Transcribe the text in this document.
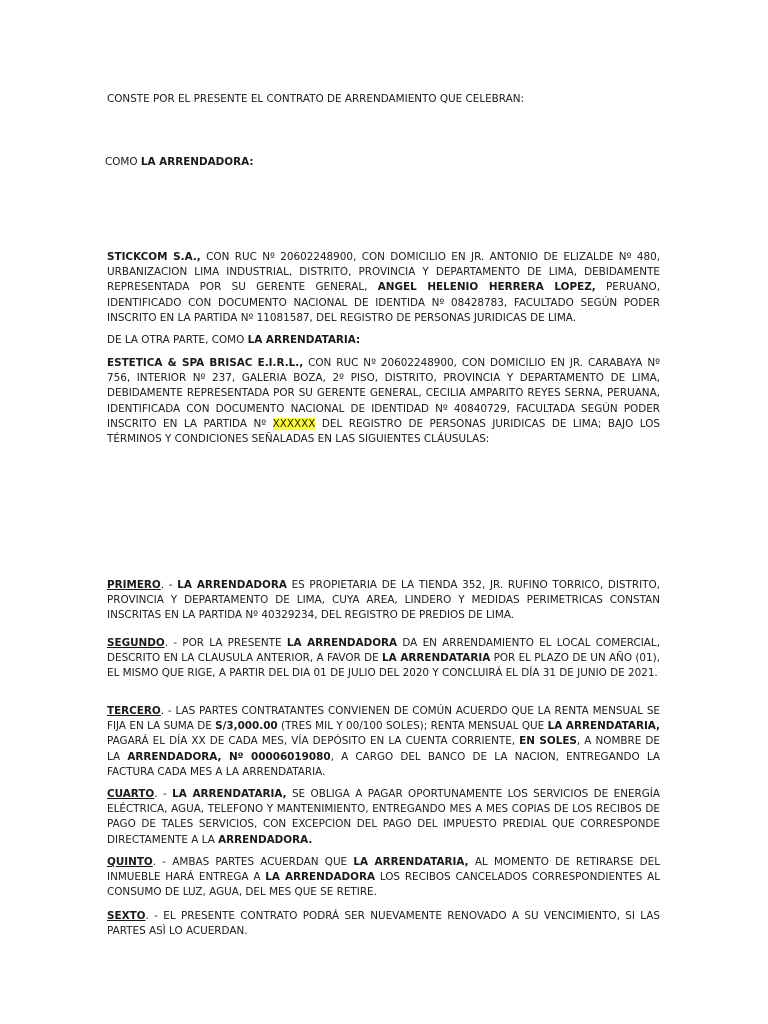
CONSTE POR EL PRESENTE EL CONTRATO DE ARRENDAMIENTO QUE CELEBRAN:

COMO LA ARRENDADORA:

STICKCOM S.A., CON RUC Nº 20602248900, CON DOMICILIO EN JR. ANTONIO DE ELIZALDE Nº 480, URBANIZACION LIMA INDUSTRIAL, DISTRITO, PROVINCIA Y DEPARTAMENTO DE LIMA, DEBIDAMENTE REPRESENTADA POR SU GERENTE GENERAL, ANGEL HELENIO HERRERA LOPEZ, PERUANO, IDENTIFICADO CON DOCUMENTO NACIONAL DE IDENTIDA Nº 08428783, FACULTADO SEGÚN PODER INSCRITO EN LA PARTIDA Nº 11081587, DEL REGISTRO DE PERSONAS JURIDICAS DE LIMA.

DE LA OTRA PARTE, COMO LA ARRENDATARIA:

ESTETICA & SPA BRISAC E.I.R.L., CON RUC Nº 20602248900, CON DOMICILIO EN JR. CARABAYA Nº 756, INTERIOR Nº 237, GALERIA BOZA, 2º PISO, DISTRITO, PROVINCIA Y DEPARTAMENTO DE LIMA, DEBIDAMENTE REPRESENTADA POR SU GERENTE GENERAL, CECILIA AMPARITO REYES SERNA, PERUANA, IDENTIFICADA CON DOCUMENTO NACIONAL DE IDENTIDAD Nº 40840729, FACULTADA SEGÚN PODER INSCRITO EN LA PARTIDA Nº XXXXXX DEL REGISTRO DE PERSONAS JURIDICAS DE LIMA; BAJO LOS TÉRMINOS Y CONDICIONES SEÑALADAS EN LAS SIGUIENTES CLÁUSULAS:

PRIMERO. - LA ARRENDADORA ES PROPIETARIA DE LA TIENDA 352, JR. RUFINO TORRICO, DISTRITO, PROVINCIA Y DEPARTAMENTO DE LIMA, CUYA AREA, LINDERO Y MEDIDAS PERIMETRICAS CONSTAN INSCRITAS EN LA PARTIDA Nº 40329234, DEL REGISTRO DE PREDIOS DE LIMA.

SEGUNDO. - POR LA PRESENTE LA ARRENDADORA DA EN ARRENDAMIENTO EL LOCAL COMERCIAL, DESCRITO EN LA CLAUSULA ANTERIOR, A FAVOR DE LA ARRENDATARIA POR EL PLAZO DE UN AÑO (01), EL MISMO QUE RIGE, A PARTIR DEL DIA 01 DE JULIO DEL 2020 Y CONCLUIRÁ EL DÍA 31 DE JUNIO DE 2021.

TERCERO. - LAS PARTES CONTRATANTES CONVIENEN DE COMÚN ACUERDO QUE LA RENTA MENSUAL SE FIJA EN LA SUMA DE S/3,000.00 (TRES MIL Y 00/100 SOLES); RENTA MENSUAL QUE LA ARRENDATARIA, PAGARÁ EL DÍA XX DE CADA MES, VÍA DEPÓSITO EN LA CUENTA CORRIENTE, EN SOLES, A NOMBRE DE LA ARRENDADORA, Nº 00006019080, A CARGO DEL BANCO DE LA NACION, ENTREGANDO LA FACTURA CADA MES A LA ARRENDATARIA.

CUARTO. - LA ARRENDATARIA, SE OBLIGA A PAGAR OPORTUNAMENTE LOS SERVICIOS DE ENERGÍA ELÉCTRICA, AGUA, TELEFONO Y MANTENIMIENTO, ENTREGANDO MES A MES COPIAS DE LOS RECIBOS DE PAGO DE TALES SERVICIOS, CON EXCEPCION DEL PAGO DEL IMPUESTO PREDIAL QUE CORRESPONDE DIRECTAMENTE A LA ARRENDADORA.

QUINTO. - AMBAS PARTES ACUERDAN QUE LA ARRENDATARIA, AL MOMENTO DE RETIRARSE DEL INMUEBLE HARÁ ENTREGA A LA ARRENDADORA LOS RECIBOS CANCELADOS CORRESPONDIENTES AL CONSUMO DE LUZ, AGUA, DEL MES QUE SE RETIRE.

SEXTO. - EL PRESENTE CONTRATO PODRÁ SER NUEVAMENTE RENOVADO A SU VENCIMIENTO, SI LAS PARTES ASÌ LO ACUERDAN.
